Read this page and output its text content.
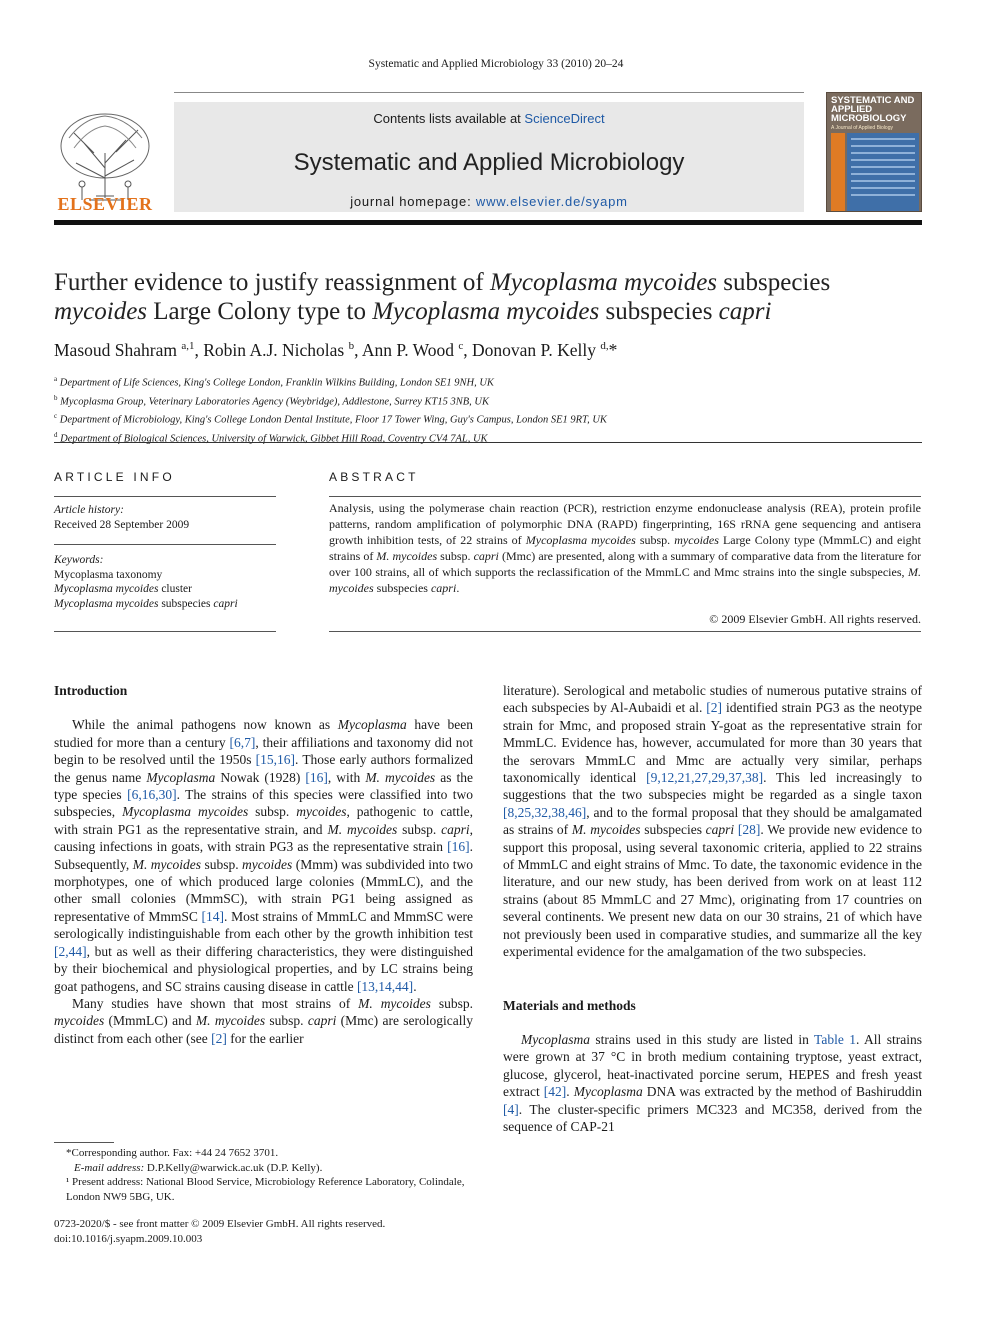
Systematic and Applied Microbiology 33 (2010) 20–24
ELSEVIER
Contents lists available at ScienceDirect
Systematic and Applied Microbiology
journal homepage: www.elsevier.de/syapm
SYSTEMATIC AND APPLIED MICROBIOLOGY
A Journal of Applied Biology
Further evidence to justify reassignment of Mycoplasma mycoides subspecies mycoides Large Colony type to Mycoplasma mycoides subspecies capri
Masoud Shahram $^{a,1}$, Robin A.J. Nicholas $^b$, Ann P. Wood $^c$, Donovan P. Kelly $^{d,}$*
$^a$ Department of Life Sciences, King's College London, Franklin Wilkins Building, London SE1 9NH, UK
$^b$ Mycoplasma Group, Veterinary Laboratories Agency (Weybridge), Addlestone, Surrey KT15 3NB, UK
$^c$ Department of Microbiology, King's College London Dental Institute, Floor 17 Tower Wing, Guy's Campus, London SE1 9RT, UK
$^d$ Department of Biological Sciences, University of Warwick, Gibbet Hill Road, Coventry CV4 7AL, UK
ARTICLE INFO	ABSTRACT
Article history:
Received 28 September 2009
Keywords:
Mycoplasma taxonomy
Mycoplasma mycoides cluster
Mycoplasma mycoides subspecies capri
Analysis, using the polymerase chain reaction (PCR), restriction enzyme endonuclease analysis (REA), protein profile patterns, random amplification of polymorphic DNA (RAPD) fingerprinting, 16S rRNA gene sequencing and antisera growth inhibition tests, of 22 strains of Mycoplasma mycoides subsp. mycoides Large Colony type (MmmLC) and eight strains of M. mycoides subsp. capri (Mmc) are presented, along with a summary of comparative data from the literature for over 100 strains, all of which supports the reclassification of the MmmLC and Mmc strains into the single subspecies, M. mycoides subspecies capri.
© 2009 Elsevier GmbH. All rights reserved.
Introduction

While the animal pathogens now known as Mycoplasma have been studied for more than a century [6,7], their affiliations and taxonomy did not begin to be resolved until the 1950s [15,16]. Those early authors formalized the genus name Mycoplasma Nowak (1928) [16], with M. mycoides as the type species [6,16,30]. The strains of this species were classified into two subspecies, Mycoplasma mycoides subsp. mycoides, pathogenic to cattle, with strain PG1 as the representative strain, and M. mycoides subsp. capri, causing infections in goats, with strain PG3 as the representative strain [16]. Subsequently, M. mycoides subsp. mycoides (Mmm) was subdivided into two morphotypes, one of which produced large colonies (MmmLC), and the other small colonies (MmmSC), with strain PG1 being assigned as representative of MmmSC [14]. Most strains of MmmLC and MmmSC were serologically indistinguishable from each other by the growth inhibition test [2,44], but as well as their differing characteristics, they were distinguished by their biochemical and physiological properties, and by LC strains being goat pathogens, and SC strains causing disease in cattle [13,14,44].

Many studies have shown that most strains of M. mycoides subsp. mycoides (MmmLC) and M. mycoides subsp. capri (Mmc) are serologically distinct from each other (see [2] for the earlier

literature). Serological and metabolic studies of numerous putative strains of each subspecies by Al-Aubaidi et al. [2] identified strain PG3 as the neotype strain for Mmc, and proposed strain Y-goat as the representative strain for MmmLC. Evidence has, however, accumulated for more than 30 years that the serovars MmmLC and Mmc are actually very similar, perhaps taxonomically identical [9,12,21,27,29,37,38]. This led increasingly to suggestions that the two subspecies might be regarded as a single taxon [8,25,32,38,46], and to the formal proposal that they should be amalgamated as strains of M. mycoides subspecies capri [28]. We provide new evidence to support this proposal, using several taxonomic criteria, applied to 22 strains of MmmLC and eight strains of Mmc. To date, the taxonomic evidence in the literature, and our new study, has been derived from work on at least 112 strains (about 85 MmmLC and 27 Mmc), originating from 17 countries on several continents. We present new data on our 30 strains, 21 of which have not previously been used in comparative studies, and summarize all the key experimental evidence for the amalgamation of the two subspecies.

Materials and methods

Mycoplasma strains used in this study are listed in Table 1. All strains were grown at 37 °C in broth medium containing tryptose, yeast extract, glucose, glycerol, heat-inactivated porcine serum, HEPES and fresh yeast extract [42]. Mycoplasma DNA was extracted by the method of Bashiruddin [4]. The cluster-specific primers MC323 and MC358, derived from the sequence of CAP-21

*Corresponding author. Fax: +44 24 7652 3701.
E-mail address: D.P.Kelly@warwick.ac.uk (D.P. Kelly).
¹ Present address: National Blood Service, Microbiology Reference Laboratory, Colindale, London NW9 5BG, UK.
0723-2020/$ - see front matter © 2009 Elsevier GmbH. All rights reserved.
doi:10.1016/j.syapm.2009.10.003
